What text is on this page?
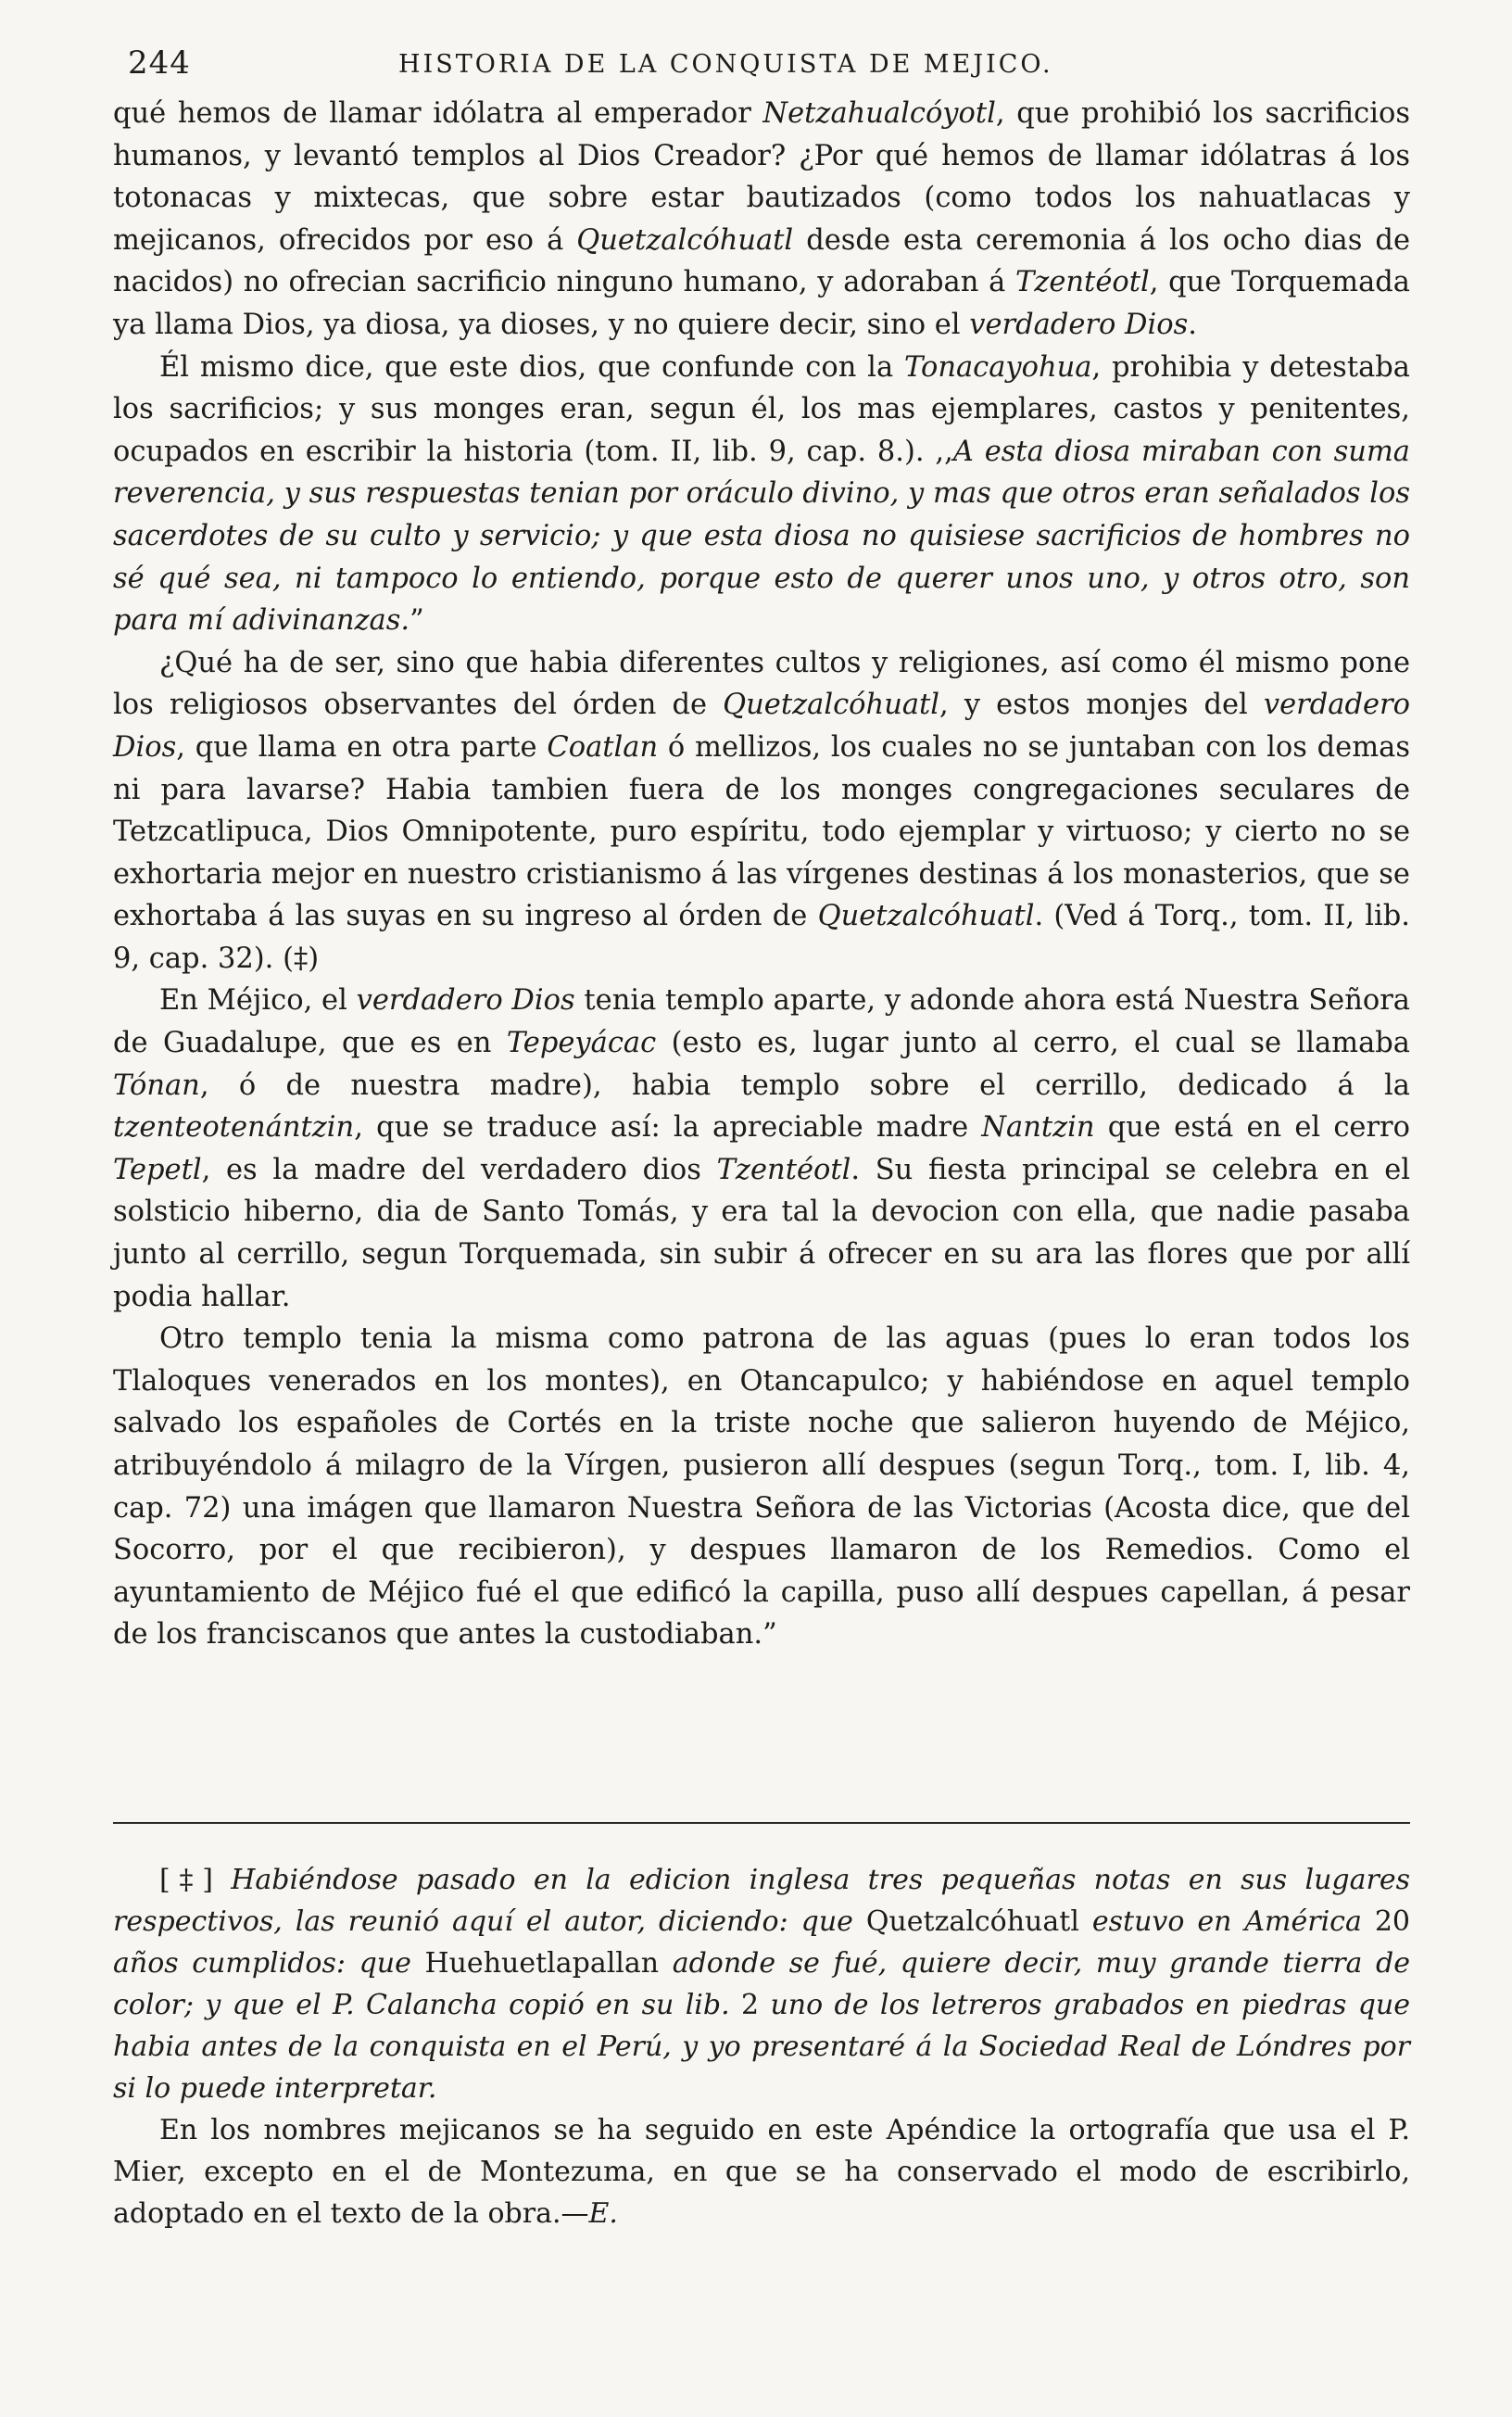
244	HISTORIA DE LA CONQUISTA DE MEJICO.

qué hemos de llamar idólatra al emperador Netzahualcóyotl, que prohibió los sacrificios humanos, y levantó templos al Dios Creador? ¿Por qué hemos de llamar idólatras á los totonacas y mixtecas, que sobre estar bautizados (como todos los nahuatlacas y mejicanos, ofrecidos por eso á Quetzalcóhuatl desde esta ceremonia á los ocho dias de nacidos) no ofrecian sacrificio ninguno humano, y adoraban á Tzentéotl, que Torquemada ya llama Dios, ya diosa, ya dioses, y no quiere decir, sino el verdadero Dios.

Él mismo dice, que este dios, que confunde con la Tonacayohua, prohibia y detestaba los sacrificios; y sus monges eran, segun él, los mas ejemplares, castos y penitentes, ocupados en escribir la historia (tom. II, lib. 9, cap. 8.). ,,A esta diosa miraban con suma reverencia, y sus respuestas tenian por oráculo divino, y mas que otros eran señalados los sacerdotes de su culto y servicio; y que esta diosa no quisiese sacrificios de hombres no sé qué sea, ni tampoco lo entiendo, porque esto de querer unos uno, y otros otro, son para mí adivinanzas.”

¿Qué ha de ser, sino que habia diferentes cultos y religiones, así como él mismo pone los religiosos observantes del órden de Quetzalcóhuatl, y estos monjes del verdadero Dios, que llama en otra parte Coatlan ó mellizos, los cuales no se juntaban con los demas ni para lavarse? Habia tambien fuera de los monges congregaciones seculares de Tetzcatlipuca, Dios Omnipotente, puro espíritu, todo ejemplar y virtuoso; y cierto no se exhortaria mejor en nuestro cristianismo á las vírgenes destinas á los monasterios, que se exhortaba á las suyas en su ingreso al órden de Quetzalcóhuatl. (Ved á Torq., tom. II, lib. 9, cap. 32). (‡)

En Méjico, el verdadero Dios tenia templo aparte, y adonde ahora está Nuestra Señora de Guadalupe, que es en Tepeyácac (esto es, lugar junto al cerro, el cual se llamaba Tónan, ó de nuestra madre), habia templo sobre el cerrillo, dedicado á la tzenteotenántzin, que se traduce así: la apreciable madre Nantzin que está en el cerro Tepetl, es la madre del verdadero dios Tzentéotl. Su fiesta principal se celebra en el solsticio hiberno, dia de Santo Tomás, y era tal la devocion con ella, que nadie pasaba junto al cerrillo, segun Torquemada, sin subir á ofrecer en su ara las flores que por allí podia hallar.

Otro templo tenia la misma como patrona de las aguas (pues lo eran todos los Tlaloques venerados en los montes), en Otancapulco; y habiéndose en aquel templo salvado los españoles de Cortés en la triste noche que salieron huyendo de Méjico, atribuyéndolo á milagro de la Vírgen, pusieron allí despues (segun Torq., tom. I, lib. 4, cap. 72) una imágen que llamaron Nuestra Señora de las Victorias (Acosta dice, que del Socorro, por el que recibieron), y despues llamaron de los Remedios. Como el ayuntamiento de Méjico fué el que edificó la capilla, puso allí despues capellan, á pesar de los franciscanos que antes la custodiaban.”

[‡] Habiéndose pasado en la edicion inglesa tres pequeñas notas en sus lugares respectivos, las reunió aquí el autor, diciendo: que Quetzalcóhuatl estuvo en América 20 años cumplidos: que Huehuetlapallan adonde se fué, quiere decir, muy grande tierra de color; y que el P. Calancha copió en su lib. 2 uno de los letreros grabados en piedras que habia antes de la conquista en el Perú, y yo presentaré á la Sociedad Real de Lóndres por si lo puede interpretar.

En los nombres mejicanos se ha seguido en este Apéndice la ortografía que usa el P. Mier, excepto en el de Montezuma, en que se ha conservado el modo de escribirlo, adoptado en el texto de la obra.—E.
